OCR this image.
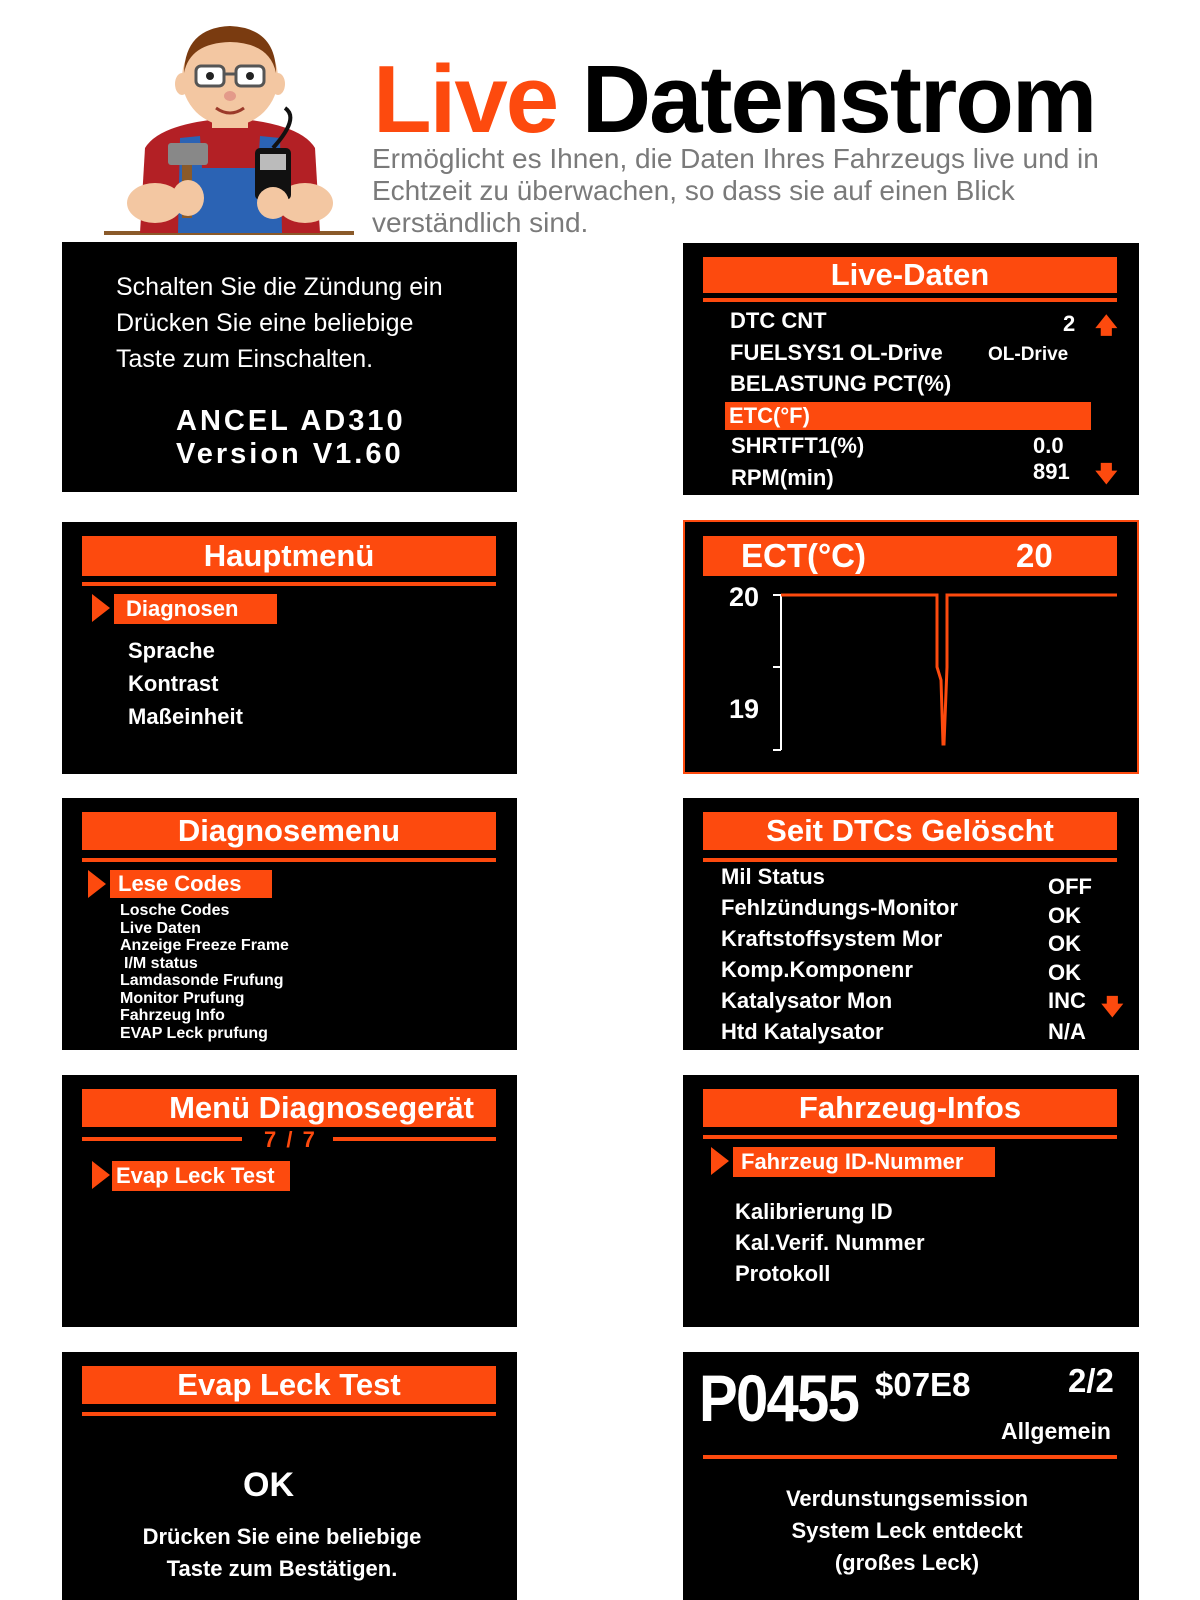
Live Datenstrom
Ermöglicht es Ihnen, die Daten Ihres Fahrzeugs live und in Echtzeit zu überwachen, so dass sie auf einen Blick verständlich sind.
Schalten Sie die Zündung ein
Drücken Sie eine beliebige
Taste zum Einschalten.
ANCEL AD310
Version V1.60
Live-Daten
DTC CNT	2 🡅
FUELSYS1 OL-Drive OL-Drive
BELASTUNG PCT(%)
ETC(°F)
SHRTFT1(%)	0.0
RPM(min)	891 🡇
Hauptmenü
Diagnosen
Sprache
Kontrast
Maßeinheit
ECT(°C)	20
20
19
Diagnosemenu
Lese Codes
Losche Codes
Live Daten
Anzeige Freeze Frame
I/M status
Lamdasonde Frufung
Monitor Prufung
Fahrzeug Info
EVAP Leck prufung
Seit DTCs Gelöscht
Mil Status	OFF
Fehlzündungs-Monitor	OK
Kraftstoffsystem Mor	OK
Komp.Komponenr	OK
Katalysator Mon	INC 🡇
Htd Katalysator	N/A
Menü Diagnosegerät
7 / 7
Evap Leck Test
Fahrzeug-Infos
Fahrzeug ID-Nummer
Kalibrierung ID
Kal.Verif. Nummer
Protokoll
Evap Leck Test
OK
Drücken Sie eine beliebige
Taste zum Bestätigen.
P0455 $07E8	2/2
Allgemein
Verdunstungsemission
System Leck entdeckt
(großes Leck)
